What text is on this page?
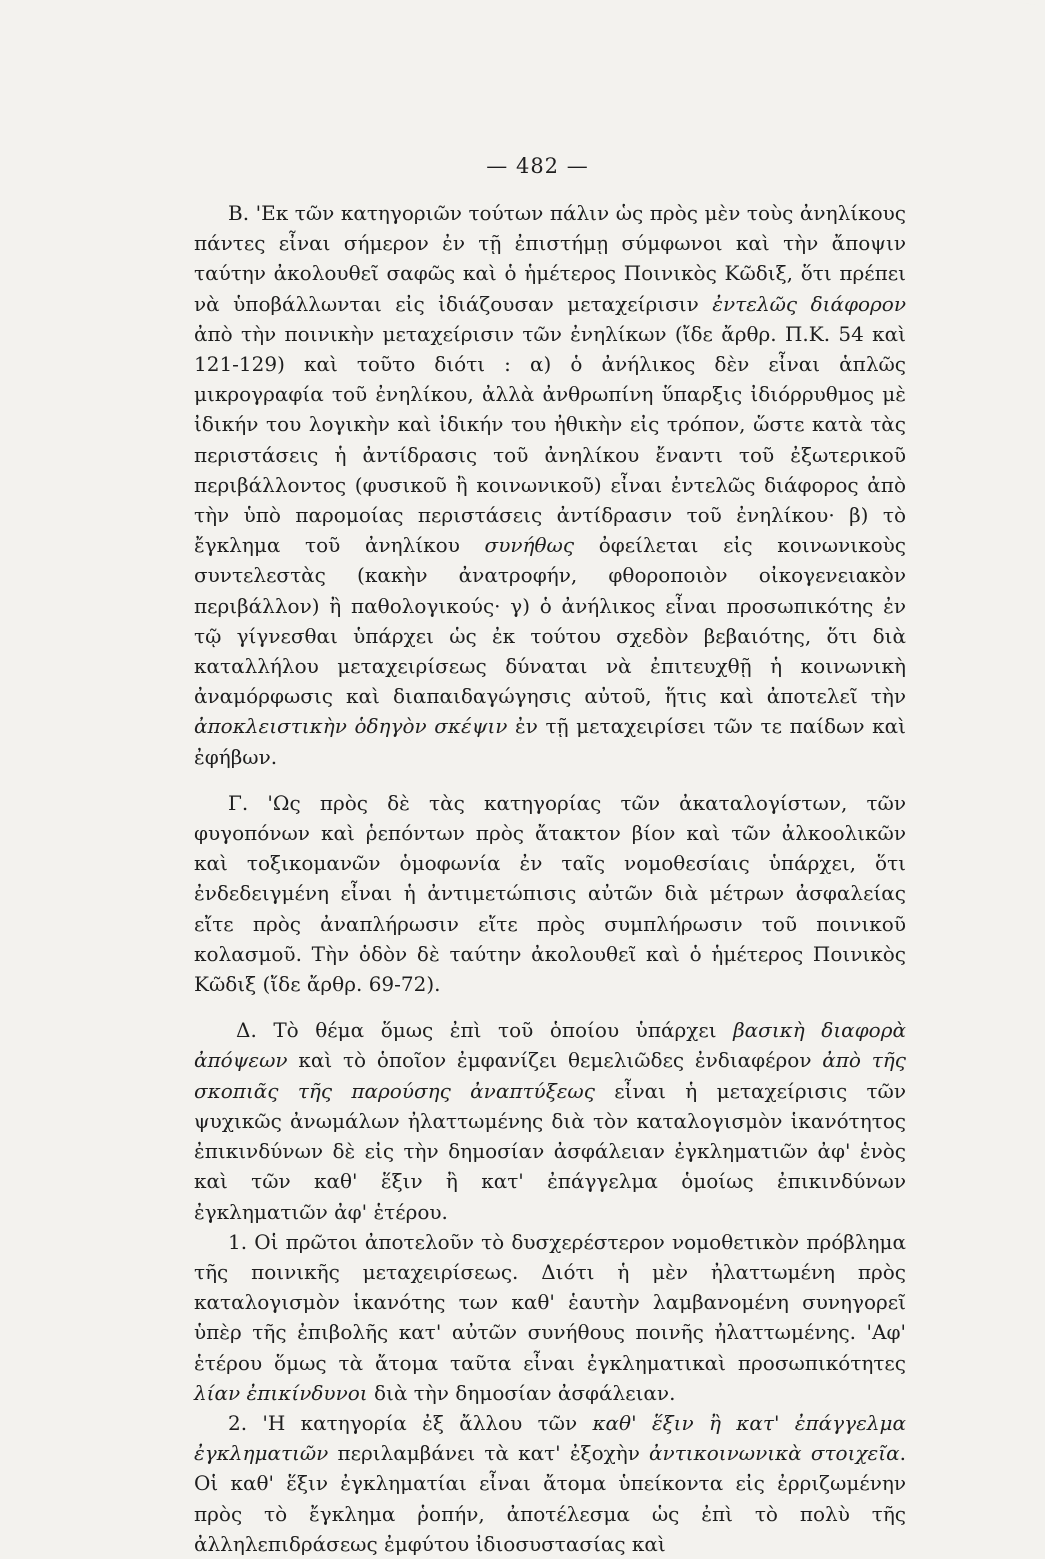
— 482 —

Β. 'Εκ τῶν κατηγοριῶν τούτων πάλιν ὡς πρὸς μὲν τοὺς ἀνηλίκους πάντες εἶναι σήμερον ἐν τῇ ἐπιστήμῃ σύμφωνοι καὶ τὴν ἄποψιν ταύτην ἀκολουθεῖ σαφῶς καὶ ὁ ἡμέτερος Ποινικὸς Κῶδιξ, ὅτι πρέπει νὰ ὑποβάλλωνται εἰς ἰδιάζουσαν μεταχείρισιν ἐντελῶς διάφορον ἀπὸ τὴν ποινικὴν μεταχείρισιν τῶν ἐνηλίκων (ἴδε ἄρθρ. Π.Κ. 54 καὶ 121-129) καὶ τοῦτο διότι : α) ὁ ἀνήλικος δὲν εἶναι ἁπλῶς μικρογραφία τοῦ ἐνηλίκου, ἀλλὰ ἀνθρωπίνη ὕπαρξις ἰδιόρρυθμος μὲ ἰδικήν του λογικὴν καὶ ἰδικήν του ἠθικὴν εἰς τρόπον, ὥστε κατὰ τὰς περιστάσεις ἡ ἀντίδρασις τοῦ ἀνηλίκου ἔναντι τοῦ ἐξωτερικοῦ περιβάλλοντος (φυσικοῦ ἢ κοινωνικοῦ) εἶναι ἐντελῶς διάφορος ἀπὸ τὴν ὑπὸ παρομοίας περιστάσεις ἀντίδρασιν τοῦ ἐνηλίκου· β) τὸ ἔγκλημα τοῦ ἀνηλίκου συνήθως ὀφείλεται εἰς κοινωνικοὺς συντελεστὰς (κακὴν ἀνατροφήν, φθοροποιὸν οἰκογενειακὸν περιβάλλον) ἢ παθολογικούς· γ) ὁ ἀνήλικος εἶναι προσωπικότης ἐν τῷ γίγνεσθαι ὑπάρχει ὡς ἐκ τούτου σχεδὸν βεβαιότης, ὅτι διὰ καταλλήλου μεταχειρίσεως δύναται νὰ ἐπιτευχθῇ ἡ κοινωνικὴ ἀναμόρφωσις καὶ διαπαιδαγώγησις αὐτοῦ, ἥτις καὶ ἀποτελεῖ τὴν ἀποκλειστικὴν ὁδηγὸν σκέψιν ἐν τῇ μεταχειρίσει τῶν τε παίδων καὶ ἐφήβων.

Γ. 'Ως πρὸς δὲ τὰς κατηγορίας τῶν ἀκαταλογίστων, τῶν φυγοπόνων καὶ ῥεπόντων πρὸς ἄτακτον βίον καὶ τῶν ἀλκοολικῶν καὶ τοξικομανῶν ὁμοφωνία ἐν ταῖς νομοθεσίαις ὑπάρχει, ὅτι ἐνδεδειγμένη εἶναι ἡ ἀντιμετώπισις αὐτῶν διὰ μέτρων ἀσφαλείας εἴτε πρὸς ἀναπλήρωσιν εἴτε πρὸς συμπλήρωσιν τοῦ ποινικοῦ κολασμοῦ. Τὴν ὁδὸν δὲ ταύτην ἀκολουθεῖ καὶ ὁ ἡμέτερος Ποινικὸς Κῶδιξ (ἴδε ἄρθρ. 69-72).

Δ. Τὸ θέμα ὅμως ἐπὶ τοῦ ὁποίου ὑπάρχει βασικὴ διαφορὰ ἀπόψεων καὶ τὸ ὁποῖον ἐμφανίζει θεμελιῶδες ἐνδιαφέρον ἀπὸ τῆς σκοπιᾶς τῆς παρούσης ἀναπτύξεως εἶναι ἡ μεταχείρισις τῶν ψυχικῶς ἀνωμάλων ἠλαττωμένης διὰ τὸν καταλογισμὸν ἱκανότητος ἐπικινδύνων δὲ εἰς τὴν δημοσίαν ἀσφάλειαν ἐγκληματιῶν ἀφ' ἑνὸς καὶ τῶν καθ' ἕξιν ἢ κατ' ἐπάγγελμα ὁμοίως ἐπικινδύνων ἐγκληματιῶν ἀφ' ἑτέρου.

1. Οἱ πρῶτοι ἀποτελοῦν τὸ δυσχερέστερον νομοθετικὸν πρόβλημα τῆς ποινικῆς μεταχειρίσεως. Διότι ἡ μὲν ἠλαττωμένη πρὸς καταλογισμὸν ἱκανότης των καθ' ἑαυτὴν λαμβανομένη συνηγορεῖ ὑπὲρ τῆς ἐπιβολῆς κατ' αὐτῶν συνήθους ποινῆς ἠλαττωμένης. 'Αφ' ἑτέρου ὅμως τὰ ἄτομα ταῦτα εἶναι ἐγκληματικαὶ προσωπικότητες λίαν ἐπικίνδυνοι διὰ τὴν δημοσίαν ἀσφάλειαν.

2. 'Η κατηγορία ἐξ ἄλλου τῶν καθ' ἕξιν ἢ κατ' ἐπάγγελμα ἐγκληματιῶν περιλαμβάνει τὰ κατ' ἐξοχὴν ἀντικοινωνικὰ στοιχεῖα. Οἱ καθ' ἕξιν ἐγκληματίαι εἶναι ἄτομα ὑπείκοντα εἰς ἐρριζωμένην πρὸς τὸ ἔγκλημα ῥοπήν, ἀποτέλεσμα ὡς ἐπὶ τὸ πολὺ τῆς ἀλληλεπιδράσεως ἐμφύτου ἰδιοσυστασίας καὶ
